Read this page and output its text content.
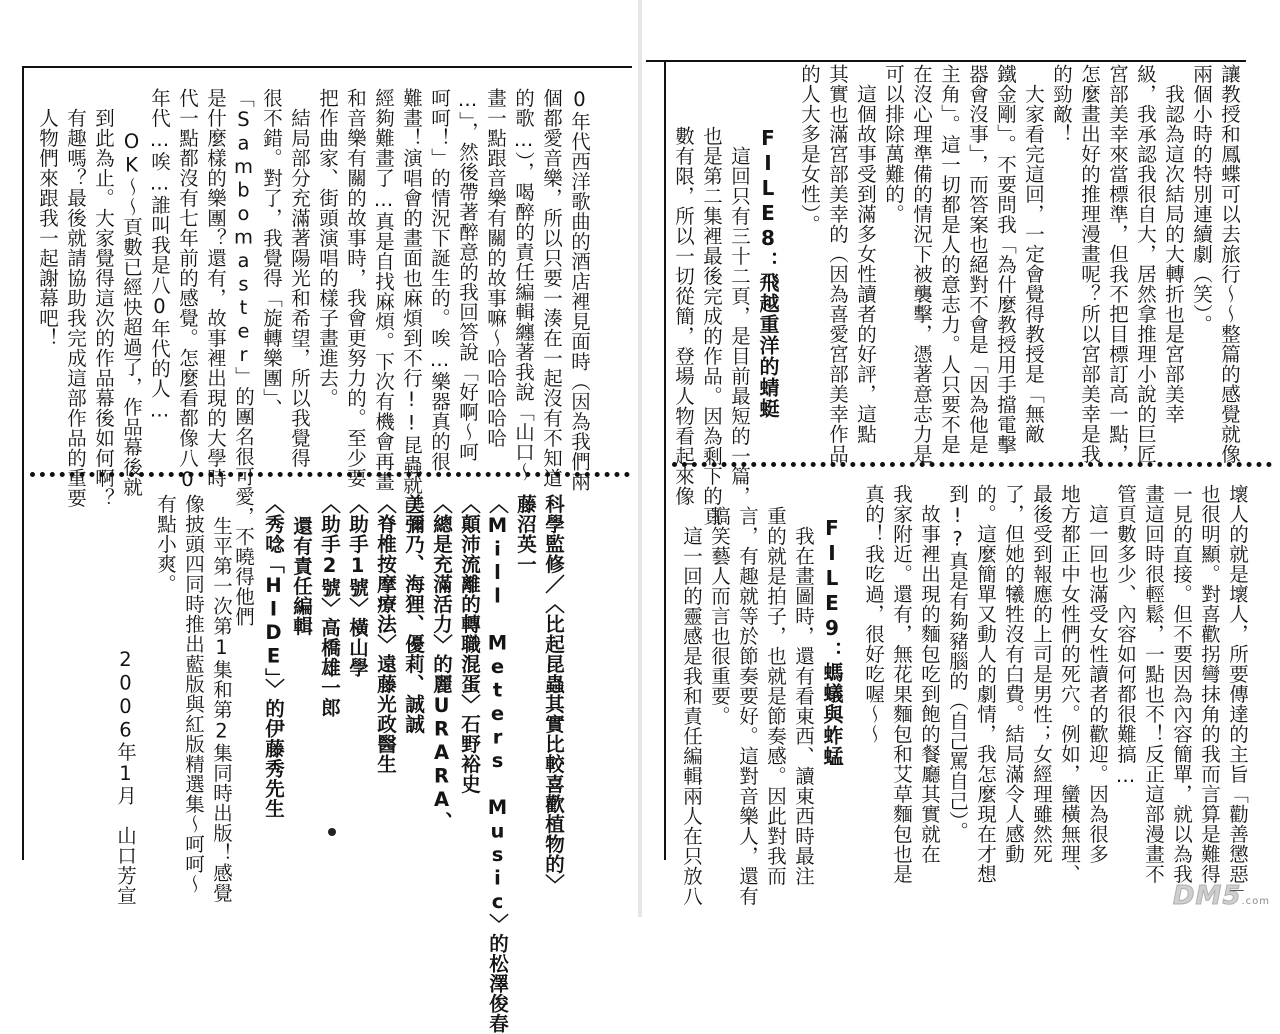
0年代西洋歌曲的酒店裡見面時（因為我們兩
個都愛音樂，所以只要一湊在一起沒有不知道
的歌…），喝醉的責任編輯纏著我說「山口〜
畫一點跟音樂有關的故事嘛〜哈哈哈哈哈
…」，然後帶著醉意的我回答說「好啊〜呵
呵呵！」的情況下誕生的。唉…樂器真的很
難畫！演唱會的畫面也麻煩到不行!!昆蟲就已
經夠難畫了…真是自找麻煩。下次有機會再畫
和音樂有關的故事時，我會更努力的。至少要
把作曲家、街頭演唱的樣子畫進去。
結局部分充滿著陽光和希望，所以我覺得
很不錯。對了，我覺得「旋轉樂團」、
「Sambomaster」的團名很可愛，不曉得他們
是什麼樣的樂團？還有，故事裡出現的大學時
代一點都沒有七年前的感覺。怎麼看都像八0
年代…唉…誰叫我是八0年代的人…
OK〜〜頁數已經快超過了，作品幕後就
到此為止。大家覺得這次的作品幕後如何啊？
有趣嗎？最後就請協助我完成這部作品的重要
人物們來跟我一起謝幕吧！
科學監修／〈比起昆蟲其實比較喜歡植物的〉
藤沼英一
〈Mill Meters Music〉的松澤俊春
〈顛沛流離的轉職混蛋〉石野裕史
〈總是充滿活力〉的麗URARA、
美彌乃、海狸、優莉、誠誠
〈脊椎按摩療法〉遠藤光政醫生
〈助手1號〉橫山學
〈助手2號〉高橋雄一郎
還有責任編輯
〈秀唸「HIDE」〉的伊藤秀先生
生平第一次第1集和第2集同時出版！感覺
像披頭四同時推出藍版與紅版精選集〜呵呵〜
有點小爽。
2006年1月　山口芳宣
讓教授和鳳蝶可以去旅行〜〜整篇的感覺就像
兩個小時的特別連續劇（笑）。
我認為這次結局的大轉折也是宮部美幸
級，我承認我很自大，居然拿推理小說的巨匠
宮部美幸來當標準，但我不把目標訂高一點，
怎麼畫出好的推理漫畫呢？所以宮部美幸是我
的勁敵！
大家看完這回，一定會覺得教授是「無敵
鐵金剛」。不要問我「為什麼教授用手擋電擊
器會沒事」，而答案也絕對不會是「因為他是
主角」。這一切都是人的意志力。人只要不是
在沒心理準備的情況下被襲擊，憑著意志力是
可以排除萬難的。
這個故事受到滿多女性讀者的好評，這點
其實也滿宮部美幸的（因為喜愛宮部美幸作品
的人大多是女性）。
FILE8：飛越重洋的蜻蜓
這回只有三十二頁，是目前最短的一篇，
也是第二集裡最後完成的作品。因為剩下的頁
數有限，所以一切從簡，登場人物看起來像
壞人的就是壞人，所要傳達的主旨「勸善懲惡」
也很明顯。對喜歡拐彎抹角的我而言算是難得
一見的直接。但不要因為內容簡單，就以為我
畫這回時很輕鬆，一點也不！反正這部漫畫不
管頁數多少、內容如何都很難搞…
這一回也滿受女性讀者的歡迎。因為很多
地方都正中女性們的死穴。例如，蠻橫無理、
最後受到報應的上司是男性；女經理雖然死
了，但她的犧牲沒有白費。結局滿令人感動
的。這麼簡單又動人的劇情，我怎麼現在才想
到!?真是有夠豬腦的（自己罵自己）。
故事裡出現的麵包吃到飽的餐廳其實就在
我家附近。還有，無花果麵包和艾草麵包也是
真的！我吃過，很好吃喔〜〜
FILE9：螞蟻與蚱蜢
我在畫圖時，還有看東西、讀東西時最注
重的就是拍子，也就是節奏感。因此對我而
言，有趣就等於節奏要好。這對音樂人，還有
搞笑藝人而言也很重要。
這一回的靈感是我和責任編輯兩人在只放八	DM5.com
